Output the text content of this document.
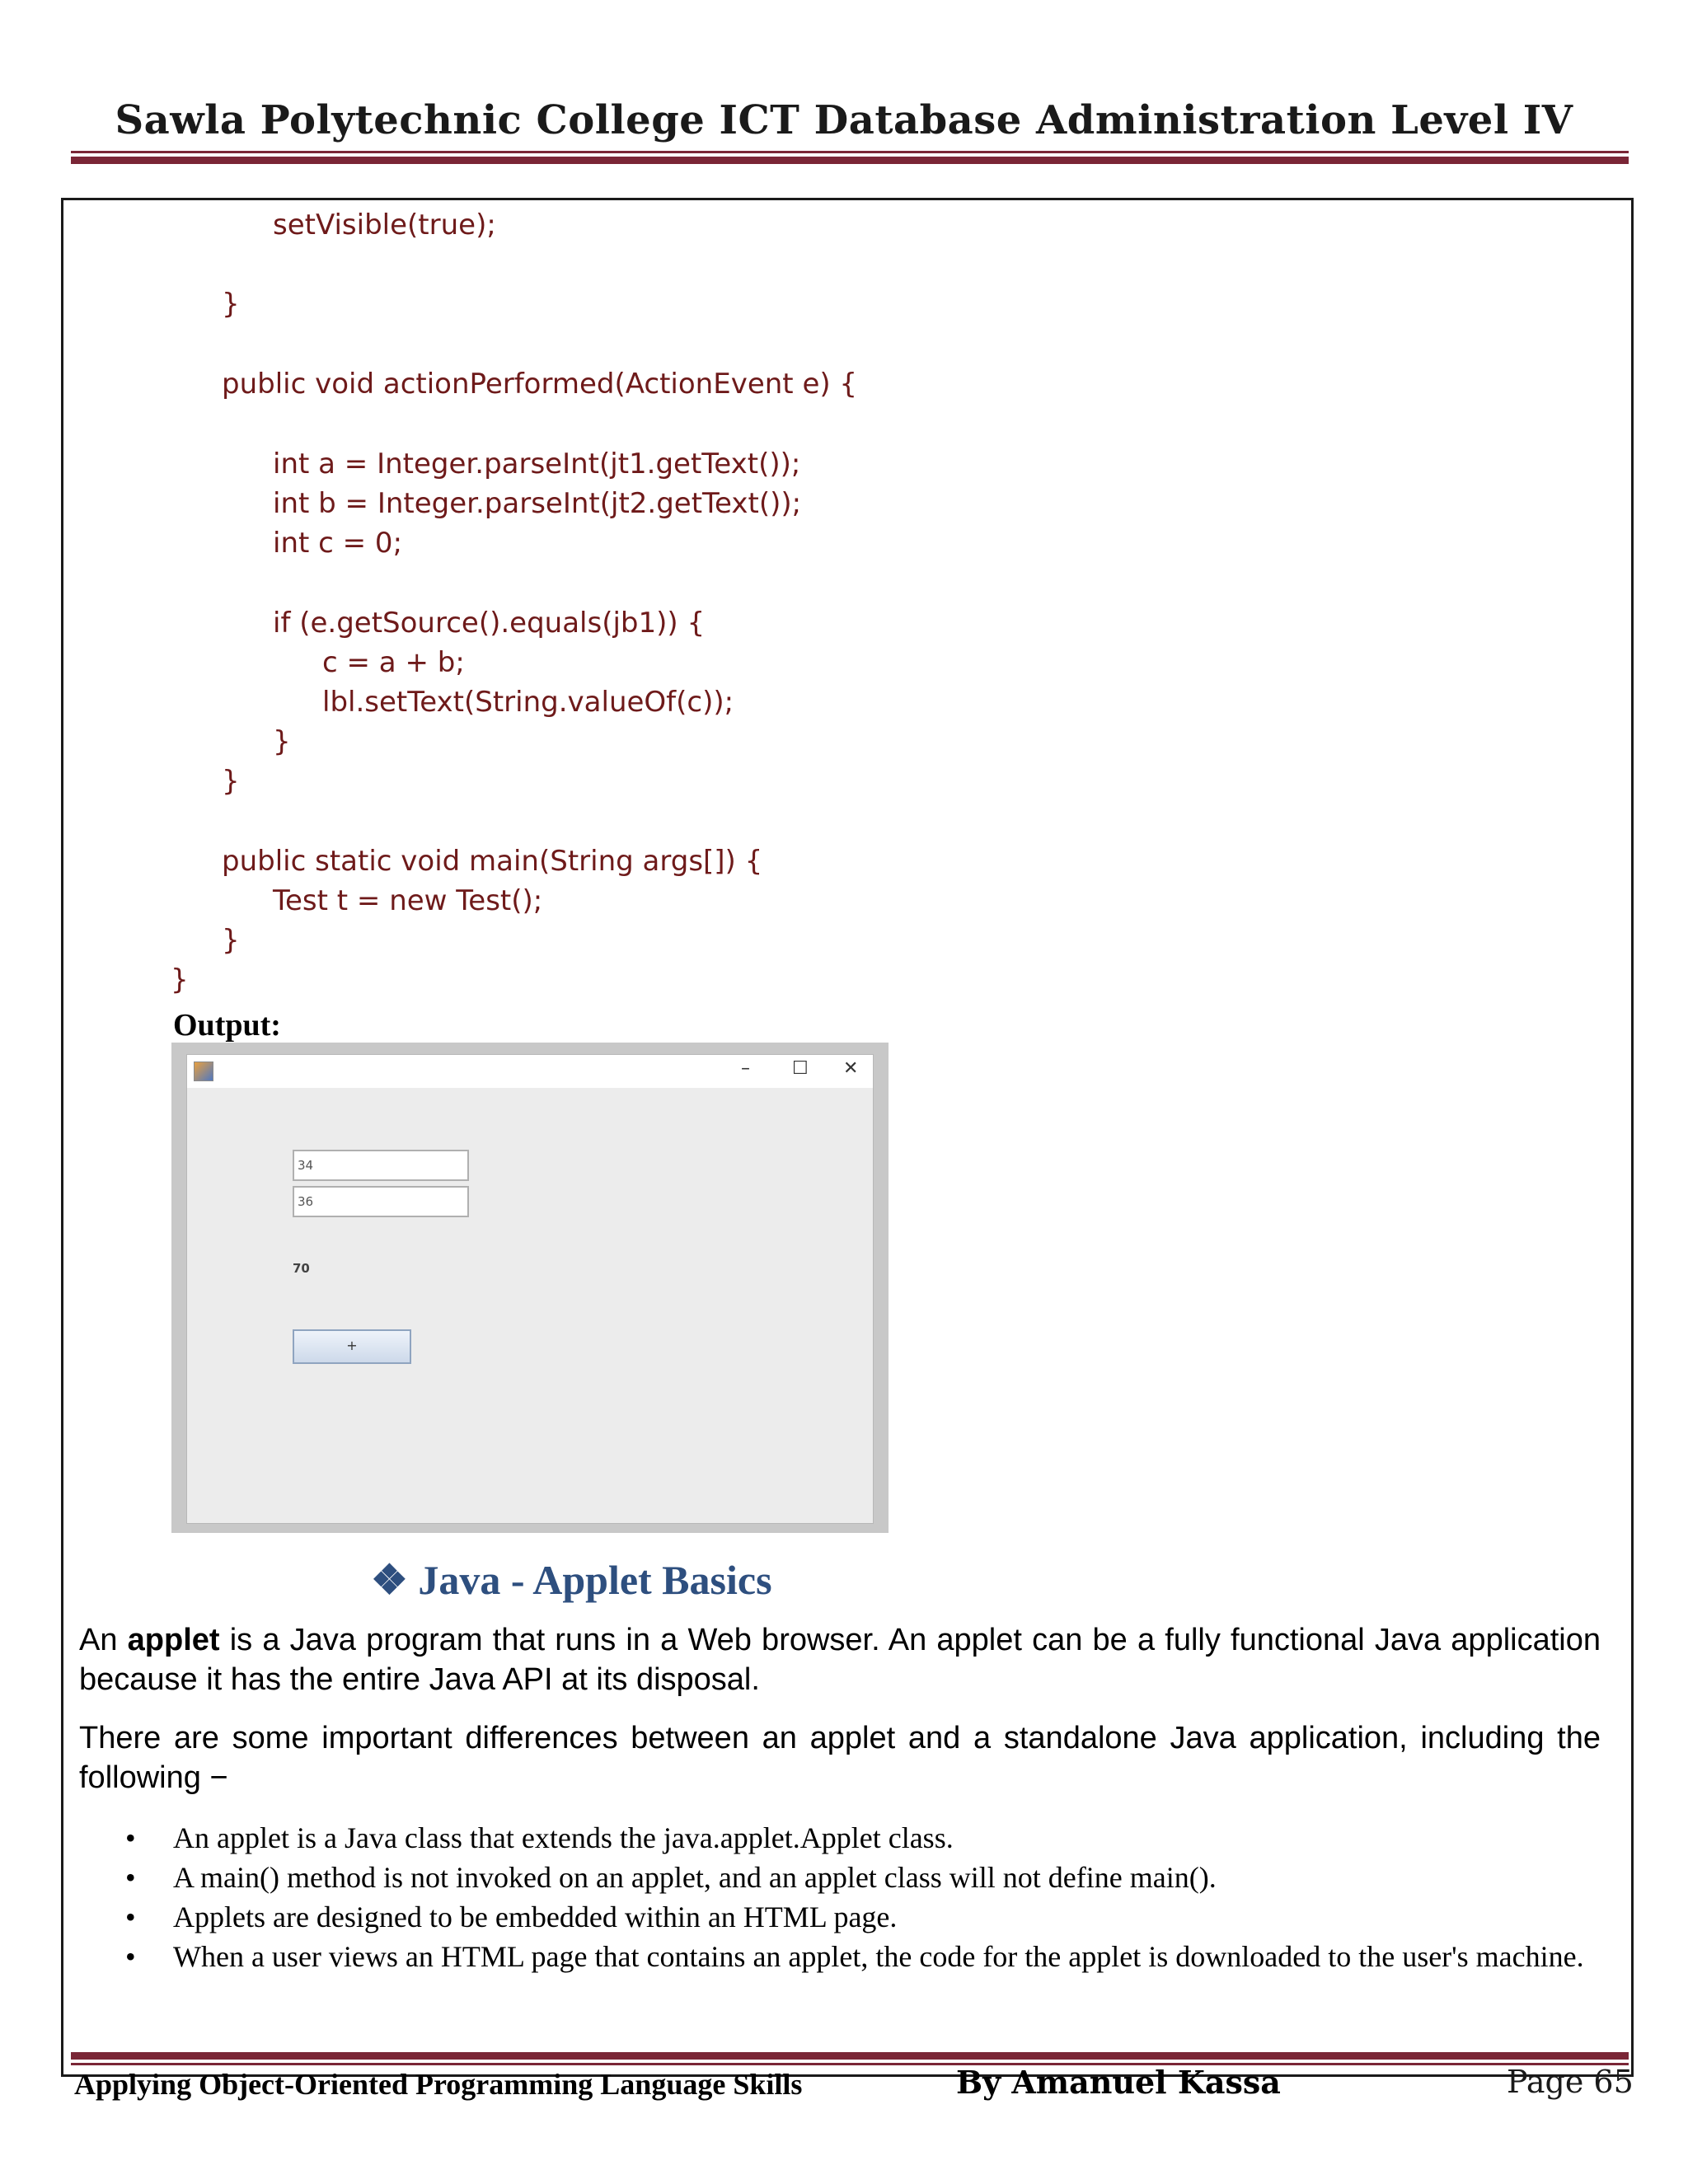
Sawla Polytechnic College ICT Database Administration Level IV

setVisible(true);

}

public void actionPerformed(ActionEvent e) {

int a = Integer.parseInt(jt1.getText());

int b = Integer.parseInt(jt2.getText());

int c = 0;

if (e.getSource().equals(jb1)) {

c = a + b;

lbl.setText(String.valueOf(c));

}

}

public static void main(String args[]) {

Test t = new Test();

}

}

Output:
– ☐ ✕
34
36
70
+
❖ Java - Applet Basics
An applet is a Java program that runs in a Web browser. An applet can be a fully functional Java application because it has the entire Java API at its disposal.
There are some important differences between an applet and a standalone Java application, including the following −
• An applet is a Java class that extends the java.applet.Applet class.
• A main() method is not invoked on an applet, and an applet class will not define main().
• Applets are designed to be embedded within an HTML page.
• When a user views an HTML page that contains an applet, the code for the applet is downloaded to the user's machine.
Applying Object-Oriented Programming Language Skills	By Amanuel Kassa	Page 65
